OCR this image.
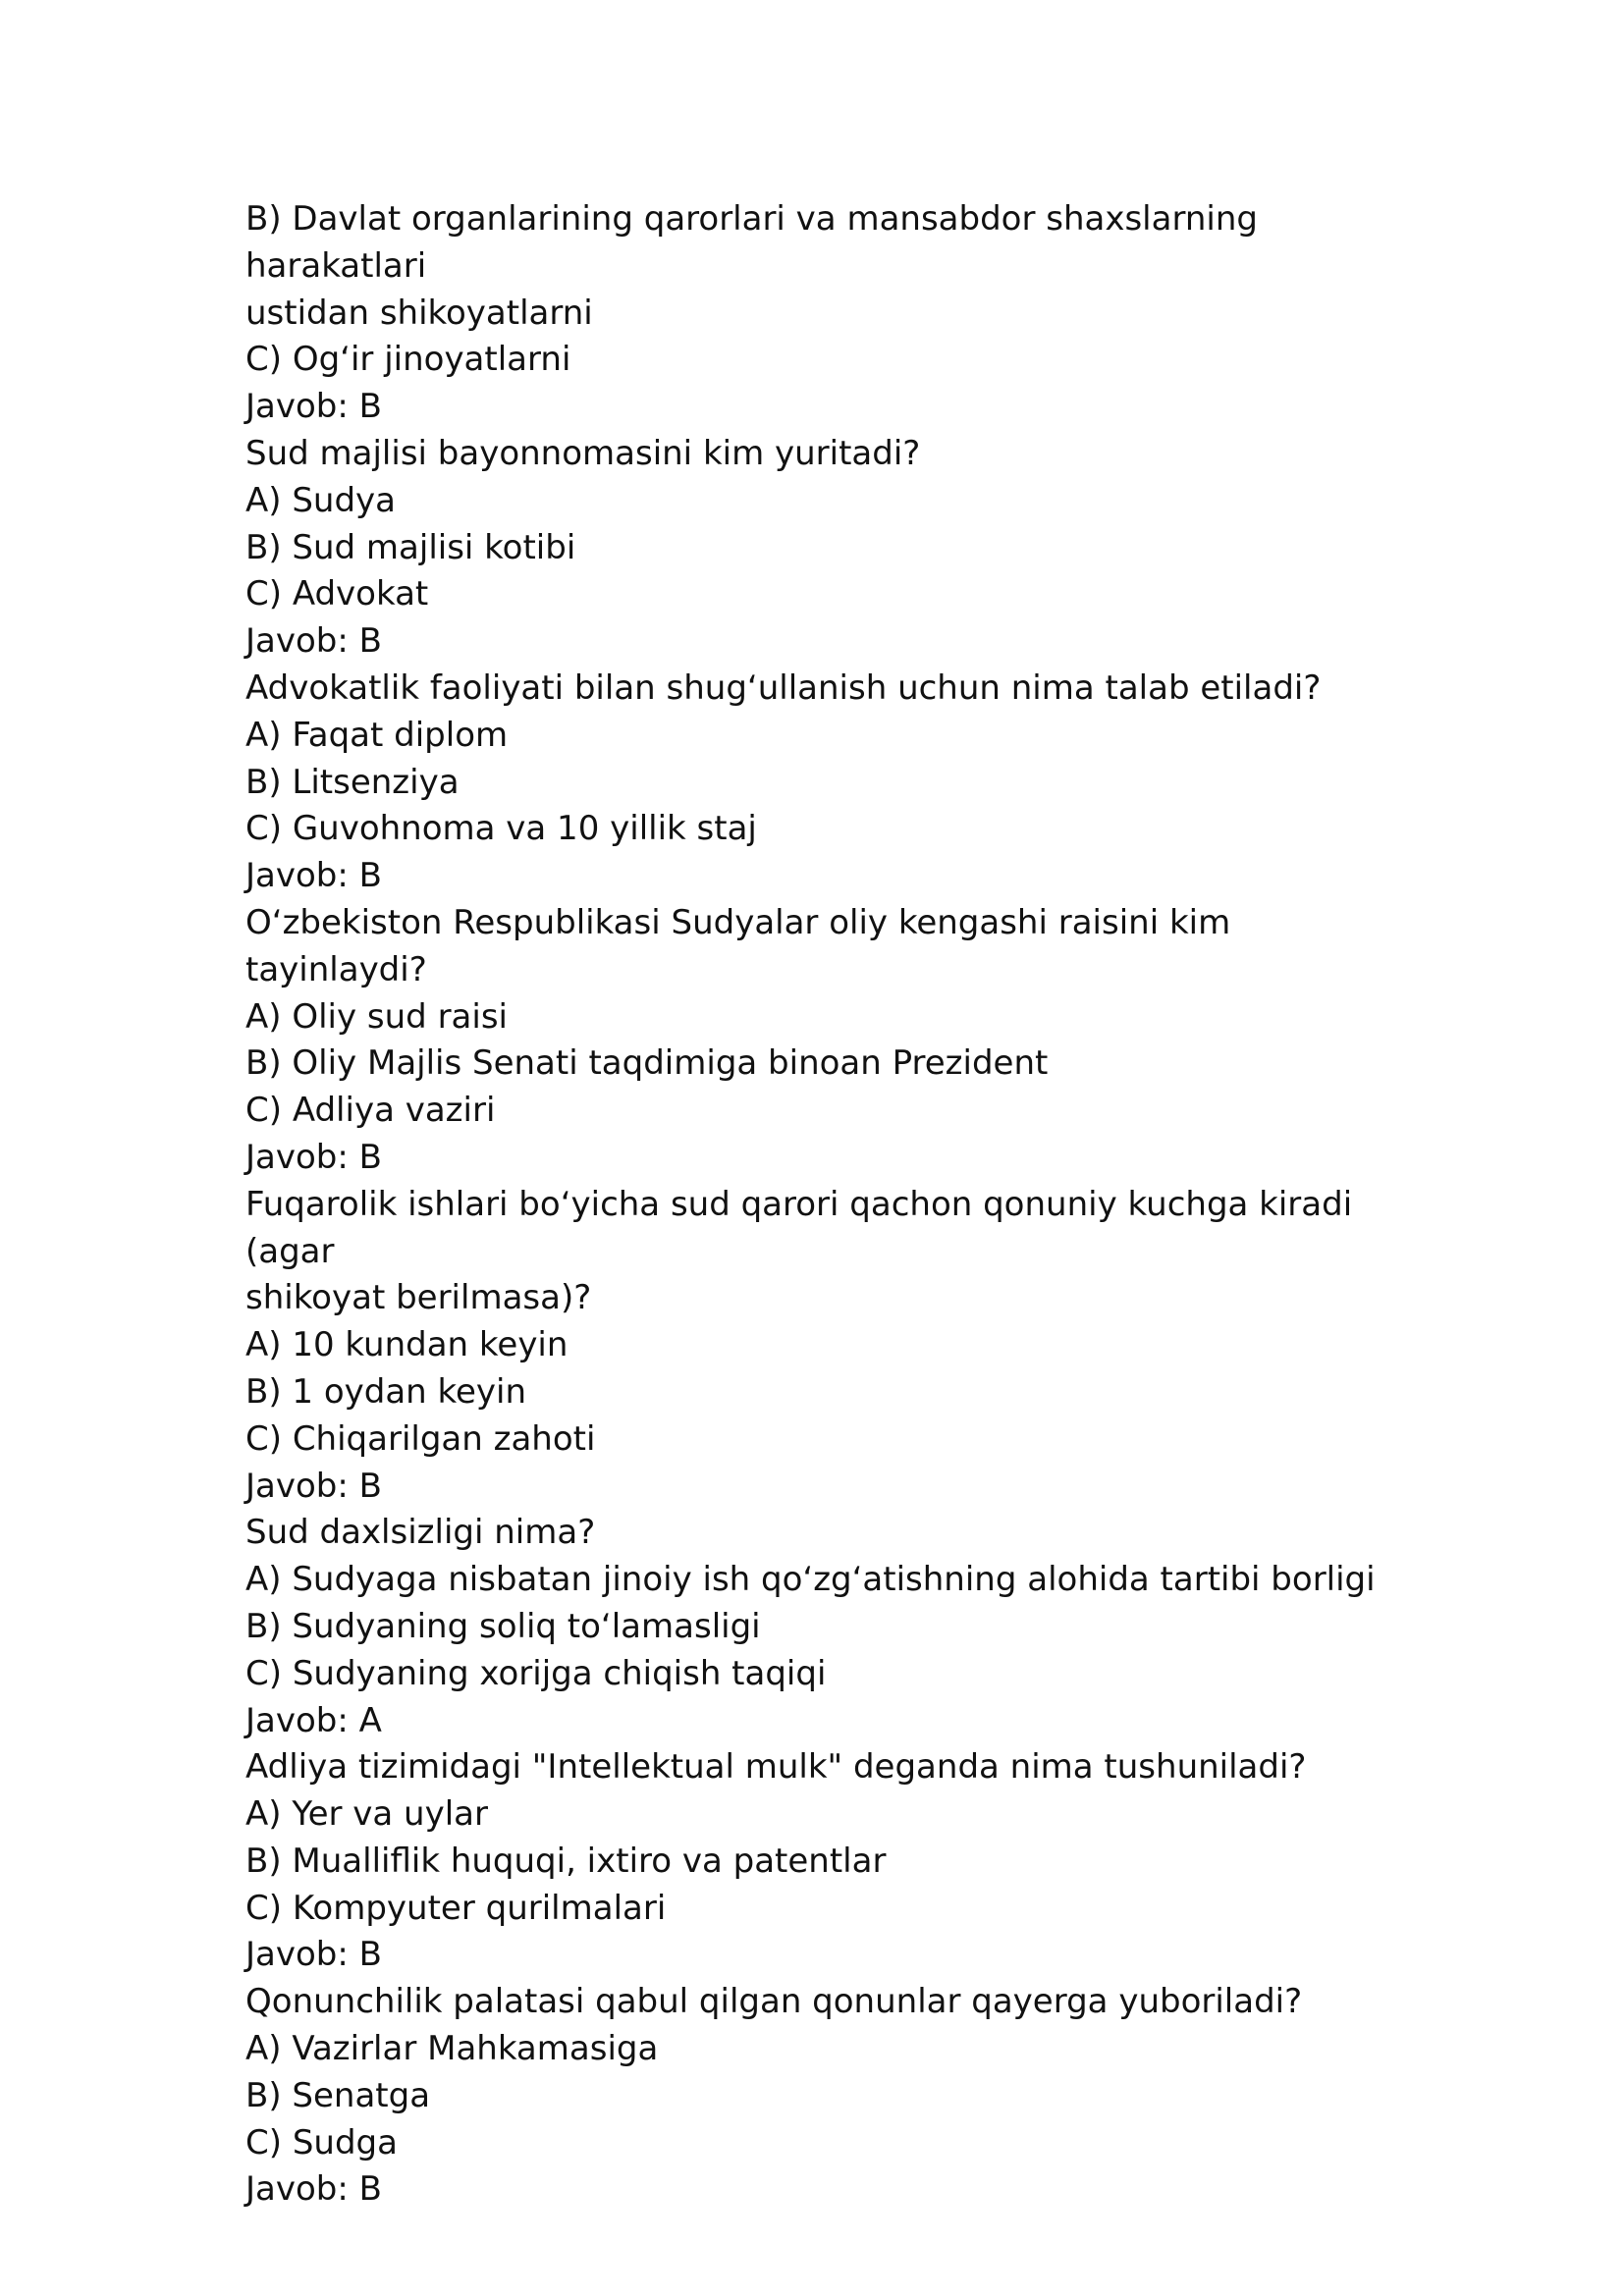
B) Davlat organlarining qarorlari va mansabdor shaxslarning harakatlari

ustidan shikoyatlarni

C) Ogʻir jinoyatlarni

Javob: B

Sud majlisi bayonnomasini kim yuritadi?

A) Sudya

B) Sud majlisi kotibi

C) Advokat

Javob: B

Advokatlik faoliyati bilan shugʻullanish uchun nima talab etiladi?

A) Faqat diplom

B) Litsenziya

C) Guvohnoma va 10 yillik staj

Javob: B

Oʻzbekiston Respublikasi Sudyalar oliy kengashi raisini kim tayinlaydi?

A) Oliy sud raisi

B) Oliy Majlis Senati taqdimiga binoan Prezident

C) Adliya vaziri

Javob: B

Fuqarolik ishlari boʻyicha sud qarori qachon qonuniy kuchga kiradi (agar

shikoyat berilmasa)?

A) 10 kundan keyin

B) 1 oydan keyin

C) Chiqarilgan zahoti

Javob: B

Sud daxlsizligi nima?

A) Sudyaga nisbatan jinoiy ish qoʻzgʻatishning alohida tartibi borligi

B) Sudyaning soliq toʻlamasligi

C) Sudyaning xorijga chiqish taqiqi

Javob: A

Adliya tizimidagi "Intellektual mulk" deganda nima tushuniladi?

A) Yer va uylar

B) Mualliflik huquqi, ixtiro va patentlar

C) Kompyuter qurilmalari

Javob: B

Qonunchilik palatasi qabul qilgan qonunlar qayerga yuboriladi?

A) Vazirlar Mahkamasiga

B) Senatga

C) Sudga

Javob: B
